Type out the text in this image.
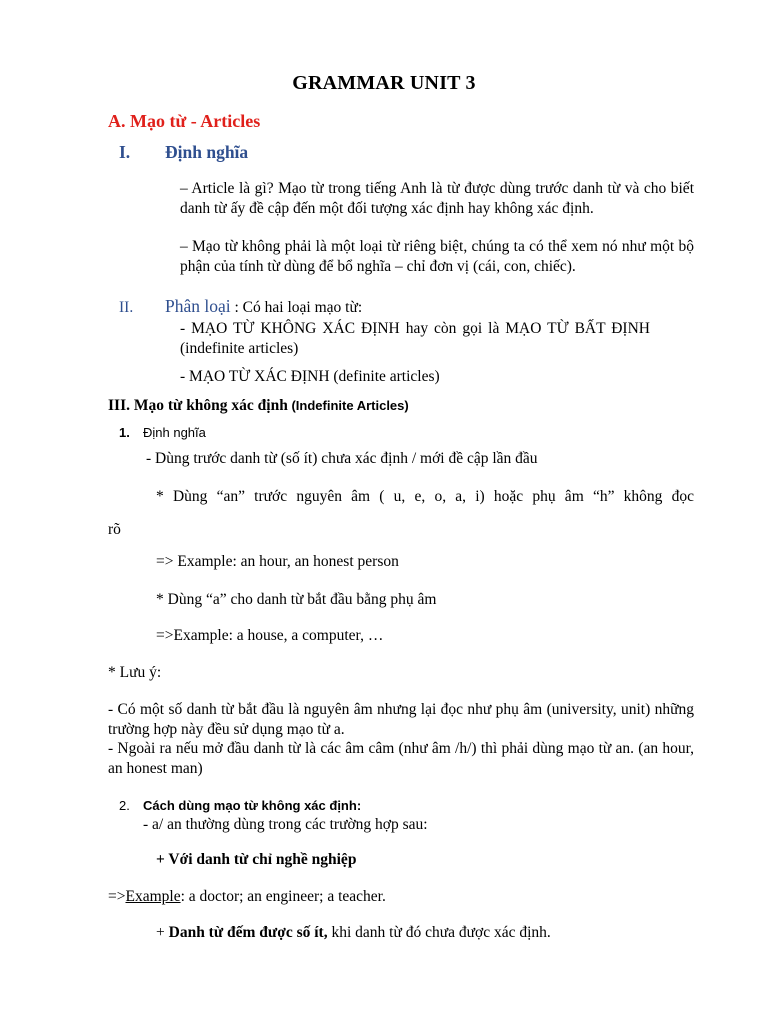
GRAMMAR UNIT 3
A. Mạo từ - Articles
I. Định nghĩa
– Article là gì? Mạo từ trong tiếng Anh là từ được dùng trước danh từ và cho biết danh từ ấy đề cập đến một đối tượng xác định hay không xác định.
– Mạo từ không phải là một loại từ riêng biệt, chúng ta có thể xem nó như một bộ phận của tính từ dùng để bổ nghĩa – chỉ đơn vị (cái, con, chiếc).
II. Phân loại : Có hai loại mạo từ:
- MẠO TỪ KHÔNG XÁC ĐỊNH hay còn gọi là MẠO TỪ BẤT ĐỊNH (indefinite articles)
- MẠO TỪ XÁC ĐỊNH (definite articles)
III. Mạo từ không xác định (Indefinite Articles)
1. Định nghĩa
- Dùng trước danh từ (số ít) chưa xác định / mới đề cập lần đầu
* Dùng “an” trước nguyên âm ( u, e, o, a, i) hoặc phụ âm “h” không đọc
rõ
=> Example: an hour, an honest person
* Dùng “a” cho danh từ bắt đầu bằng phụ âm
=>Example: a house, a computer, …
* Lưu ý:
- Có một số danh từ bắt đầu là nguyên âm nhưng lại đọc như phụ âm (university, unit) những trường hợp này đều sử dụng mạo từ a.
- Ngoài ra nếu mở đầu danh từ là các âm câm (như âm /h/) thì phải dùng mạo từ an. (an hour, an honest man)
2. Cách dùng mạo từ không xác định:
- a/ an thường dùng trong các trường hợp sau:
+ Với danh từ chỉ nghề nghiệp
=>Example: a doctor; an engineer; a teacher.
+ Danh từ đếm được số ít, khi danh từ đó chưa được xác định.
